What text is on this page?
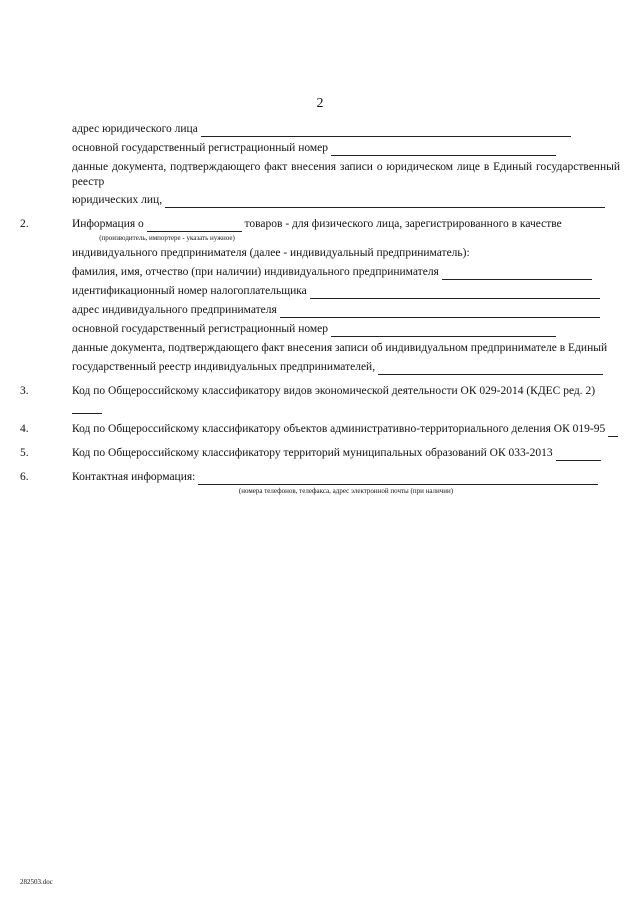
2
адрес юридического лица
основной государственный регистрационный номер
данные документа, подтверждающего факт внесения записи о юридическом лице в Единый государственный реестр
юридических лиц,
2.	Информация о	товаров - для физического лица, зарегистрированного в качестве
(производитель, импортере - указать нужное)
индивидуального предпринимателя (далее - индивидуальный предприниматель):
фамилия, имя, отчество (при наличии) индивидуального предпринимателя
идентификационный номер налогоплательщика
адрес индивидуального предпринимателя
основной государственный регистрационный номер
данные документа, подтверждающего факт внесения записи об индивидуальном предпринимателе в Единый
государственный реестр индивидуальных предпринимателей,
3.	Код по Общероссийскому классификатору видов экономической деятельности ОК 029-2014 (КДЕС ред. 2)
4.	Код по Общероссийскому классификатору объектов административно-территориального деления ОК 019-95
5.	Код по Общероссийскому классификатору территорий муниципальных образований ОК 033-2013
6.	Контактная информация:
(номера телефонов, телефакса, адрес электронной почты (при наличии)
282503.doc
